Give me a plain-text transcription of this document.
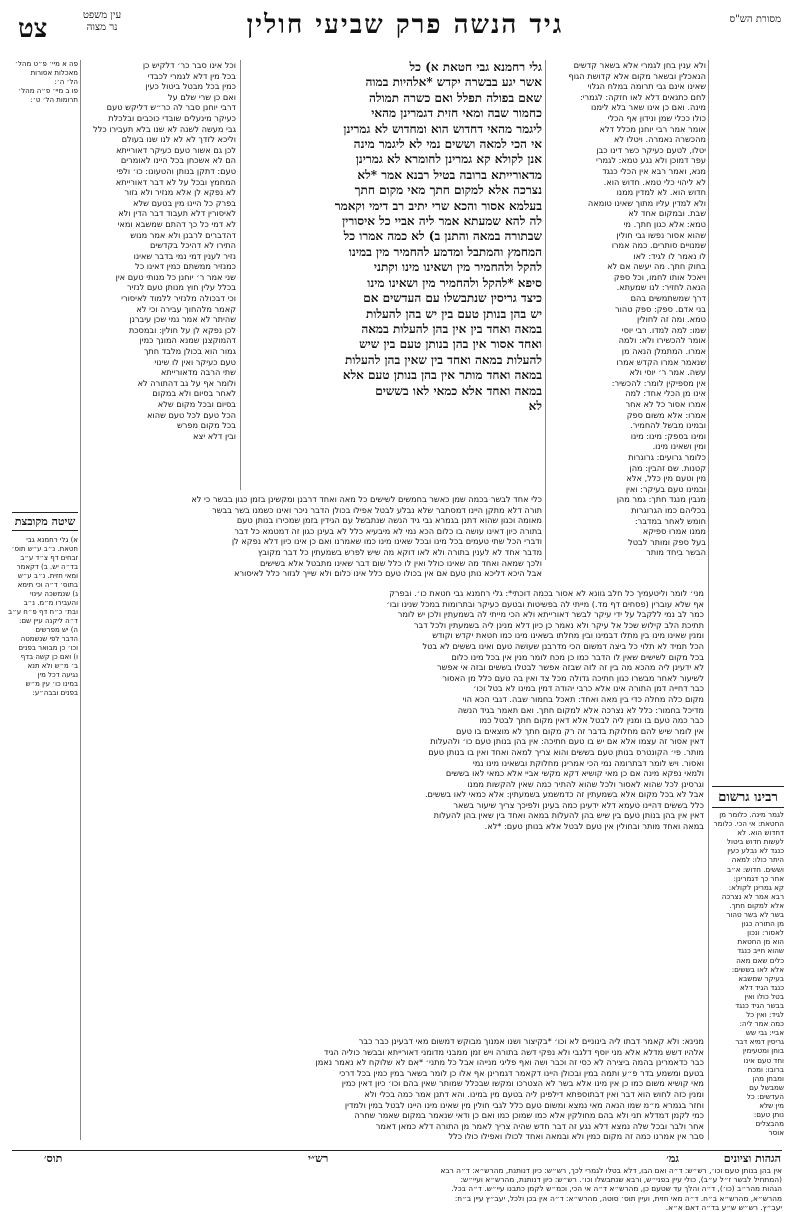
צט	עין משפט
נר מצוה	גיד הנשה פרק שביעי חולין	מסורת הש"ס
פה א מיי׳ פ״ט מהל׳
מאכלות אסורות
הל׳ ה׳:
פו ב מיי׳ פ״ה מהל׳
תרומות הל׳ ט׳:
שיטה מקובצת
א) גלי רחמנא גבי
חטאת. נ״ב ע״ש תוס׳
זבחים דף צ״ד ע״ב
בד״ה יש. ב) דקאמר
ומאי חזית. נ״ב ע״ש
בתוס׳ ד״ה וכי תימא
ג) שנמשכה עינוי
והעבירו מ״מ. נ״ב
ובת׳ כ״ח דף פ״ח ע״ב
ד״ה ליקנה עיין שם:
ה) יש מפרשים
הדבר לפי שנשמטה
וכו׳ כן מבואר בפנים
ו) ואם כן קשה בדף
ב׳ מ״ש ולא תנא
נגיעה דכל מין
במינו כו׳ עין מ״ש
בפנים ובבה״ע:
וכל אינו סבר כר׳ דלקיש כן
בכל מין דלא לגמרי לכבדי
כמין בכל מבטל ביטול כעין
ואם כן שרי שלם על
דרבי יוחנן סבר לה כר״ש דליקש טעם
כעיקר מינעלים שובדי כוכבים ובלכלת
גבי מעשה לשנה לא שנו בלא תעבירו כלל
וליכא לזדך לא לא לנו שנו בעולם
לכן גם אשור טעם כעיקר דאורייתא
הם לא אשכחן בכל היינו לאומרים
טעם: דתקן בנותן והטעונו: כו׳ ולפי
המחמץ ובכל על לא דבר דאורייתא
לא נפקא לן אלא מנזיר ולא גזור
בפרק כל היינו מין בטעם שלא
לאיסורין דלא תעבוד דבר הדין ולא
לא דמי כל כך דהתם שמשבא ומאי
דהדברים לרבנן ולא אמר מנוש
התירו לא דהיכל בקדשים
נזיר לענין דמי נמי בדבר שאינו
כמנזיר ממשתם כמין דאינו כל
שני אמר ר׳ יוחנן כל מנותי טעם אין
בכלל עלין חוץ מנותן טעם לנזיר
וכי דבכולה מלנזיר ללמוד לאיסורי
קאמר מלהחוך עבירה וכי לא
שהיתר לא אמר נמי שכן עיברנן
לכן נפקא לן על חולין: ובמסכת
דהמוקצנן שמנא המונך כמין
גמור הוא בכולן מלבד חתך
טעם כעיקר ואין לו שינוי
שתי הרבה מדאורייתא
ולומר אף על גב דהתורה לא
לאחר בסיום ולא במקום
בסיום ובכל מקום שלא
הכל טעם לכל טעם שהוא
בכל מקום מפרש
ובין דלא יצא
גלי רחמנא גבי חטאת א) כל
אשר יגע בבשרה יקדש *אלהיות במוה
שאם בפולה תפלל ואם כשרה תמולה
כחמור שבה ומאי חזית דגמרינן מהאי
ליגמר מהאי דחדוש הוא ומחדוש לא גמרינן
אי הכי למאה וששים נמי לא ליגמר מינה
אנן לקולא קא גמרינן לחומרא לא גמרינן
מדאורייתא ברובה בטיל רבנא אמר *לא
נצרכה אלא למקום חתך מאי מקום חתך
בעלמא אסור והכא שרי יתיב רב דימי וקאמר
לה להא שמעתא אמר ליה אביי כל איסורין
שבתורה במאה והתנן ב) לא כמה אמרו כל
המחמץ והמתבל ומדמע להחמיר מין במינו
להקל ולהחמיר מין ושאינו מינו וקתני
סיפא *להקל ולהחמיר מין ושאינו מינו
כיצד גריסין שנתבשלו עם העדשים אם
יש בהן בנותן טעם בין יש בהן להעלות
במאה ואחד בין אין בהן להעלות במאה
ואחד אסור אין בהן בנותן טעם בין שיש
להעלות במאה ואחד בין שאין בהן להעלות
במאה ואחד מותר אין בהן בנותן טעם אלא
במאה ואחד אלא כמאי לאו בששים
לא
ולא ענין בחן לגמרי אלא בשאר קדשים
הנאכלין ובשאר מקום אלא קדושת הגוף
שאינו אינם גבי תרומה במלח הגלוי
לחם כתנאים דלא לאו חזקה: לגמרי:
מינה. ואם כן אינו שאר בלא לימנו
כולו ככלי שמן ונידון אף הכלי
אומר אמר רבי יוחנן מכלל דלא
מהכשרה נאמרה. ויטלו לא
יטלו, לטעם כעיקר כשר דינו כבן
עפר דמוכן ולא נגע טמא: לגמרי
מנא, ואמר רבא אין הכלי כנגד
לא ליהוי כלי טמא. חדוש הוא.
חדוש הוא. לא למדין ממנו
ולא למדין עליו מתוך שאינו טומאה
שבת. ובמקום אחד לא
טמא: אלא כגון חתך. מי
שהוא אסור נפשו גבי חולין
שמנויים סותרים. כמה אמרו
לו נאמר לו לגיד: לאו
בחוק חתך. מה יעשה אם לא
ויאכל אותו לחמו, וכל ספק
הנאה לחזיר: לנו שמעתא.
דרך שמשתמשים בהם
בני אדם. ספק: ספק טהור
טמא. ומה זה לחולין
שמו: למה למדו. רבי יוסי
אומר להכשירו ולא: ולמה
אמרו. המתמלן הנאה מן
שנאמר אמרו הקדש אמרו
עשה. אמר ר׳ יוסי ולא
אין מספיקין לומר: להכשיר:
אינו מן הכלי אחד: למה
אמרו אסור כל לא אחר
אמרו: אלא משום ספק
ובמינו מבשל להחמיר.
ומינו בספק: מינו: מינו
ומין ושאינו מינו.
כלומר גרועים: גרוגרות
קטנות. שם זהבין: מהן
מין וטעם מין כלל, אלא
ובמינו טעם בעיקר: ואין
מנבין מנגד חתך: גמר מהן
בכליהם כמו הגרוגרות
חומש לאחר במדבר:
ממנו אמרו ספיקא
בעל ספק ומותר לבטל
הבשר ביחד מותר
כלי אחד לבשר בכמה שמן כאשר בחמשים לשישים כל מאה ואחד דרבנן ומקשינן בזמן כגון בבשר כי לא
תורה דלא מתקן היינו דמסתבר שלא נבלע לבטל אפילו בכולן הדבר ניכר ואינו כשמנו בשר בבשר
מאומה וכגון שהוא דתנן בגמרא גבי גיד הנשה שנתבשל עם הגידין בזמן שמכירו בנותן טעם
בתורה כיון דאינו עושה בו כלום הכא נמי לא מיבעיא כלל לא בעינן כגון זה דמטמא כל דבר
ודברי הכל שתי טעמים בכל מינו ובכל שאינו מינו כמו שאמרנו ואם כן אינו כיון דלא נפקא לן
מדבר אחד לא לענין בתורה ולא לאו דוקא מה שיש לפרש בשמעתין כל דבר מקובץ
ולכך שמאה ואחד מה שאינו כולל ואין לו כלל שום דבר שאינו מתבטל אלא בשישים
אבל היכא דליכא נותן טעם אם אין בכולו טעם כלל אינו כלום ולא שייך לגזור כלל לאיסורא
מני׳ לומר וליטעמיך כל חלב גוונא לא אסור בכמה דוכתי*: גלי רחמנא גבי חטאת כו׳. ובפרק
אף שלא עוברין (פסחים דף מד.) מייתי לה בפשיטות ובטעם כעיקר ובתרומות במכל שנינו ובו׳
כמר לב נמי ללקבל על ידי עיקר לבשר דאורייתא ולא הכי מייתי לה בשמעתין ולכן יש לומר
תתיכת הלב קילוש שכל אל עיקר ולא נאמר כן כיון דלא מנינן ליה בשמעתין ולכל דבר
ומנין שאינו מינו בין מתלו דבמינו ובין מחלתו בשאינו מינו כמו חטאת יקדש וקודש
הכל תמיד לא תלוי כל ביצה דמשום הכי מדרבנן שעושה טעם ואינו בששים לא בטל
בכל מקום לשישים שאין לו הדבר כמו כן מכח לומר מנין אין בכל מינו כלום
לא ידעינן ליה מהכא מה בין זה לזה שבזה אפשר לבטלו בששים ובזה אי אפשר
לשיעור לאחר מבשרו כגון חתיכה גדולה מכל צד ואין בה טעם כלל מן האסור
כבר דחייה דמן התורה אינו אלא כרבי יהודה דמין במינו לא בטל וכו׳
מקום כלה מחלה כדי בין מאה ואחד: תאכל בחמור שבה. דגבי הכא הוי
מדיכל בחמור: כלל לא נצרכה אלא למקום חתך. ואם תאמר בגיד הנשה
כבר כמה טעם בו ומנין ליה לבטל אלא דאין מקום חתך לבטל כמו
אין לומר שיש להם מחלוקת בדבר זה רק מקום חתך לא מוצאים בו טעם
דאין אסור זה עצמו אלא אם יש בו טעם חתיכה: אין בהן בנותן טעם כו׳ ולהעלות
מותר. פי׳ הקונטרס בנותן טעם בששים והוא צריך למאה ואחד ואין בו בנותן טעם
ואסור. ויש לומר דבתרומה נמי הכי אמרינן מחלוקת ובשאינו מינו נמי
ולמאי נפקא מינה אם כן מאי קושיא דקא מקשי אביי אלא כמאי לאו בששים
וגרסינן לכל שהוא לאסור ולכל שהוא להתיר כמה שאין להקשות ממנו
אבל לא בכל מקום אלא בשמעתין זה כדמשמע בשמעתין: אלא כמאי לאו בששים.
כלל בששים דהיינו טעמא דלא ידעינן כמה בעינן ולפיכך צריך שיעור בשאר
דאין אין בהן בנותן טעם בין שיש בהן להעלות במאה ואחד בין שאין בהן להעלות
במאה ואחד מותר ובחולין אין טעם לבטל אלא בנותן טעם: *לא.
רבינו גרשום
לגמר מינה. כלומר מן
החטאת: אי הכי. כלומר
דחדוש הוא. לא
לעשות חדוש ביטול
כנגד לא נבלע כעין
היתר כולו: למאה
וששים. חדוש: א״ב
אחר כך דגמרינן:
קא גמרינן לקולא:
רבא אמר לא נצרכה
אלא למקום חתך.
בשר לא בשר טהור
מן התורה כגון
לאסור: ונכון
הוא מן החטאת
שהוא חייב כנגד
כלים שאם מאה
אלא לאו בששים:
בעיקר שמשבא
כנגד הגיד דלא
בטל כולו ואין
בבשר הגיד כנגד
לגיד: ואין כל
כמה אמר ליה:
אביי: גבי שש
גריסין דמיא דבר
בוחן ומטעימין
וחד טעם אינו
ברובו: ומכח
ומבחן מהן
שמבשל עם
העדשים: כל
מין שלא
נותן טעם:
מהבצלים
אוסר
מנינא: ולא קאמר דבתו ליה בינוניים לא וכו׳ *בקיצור ושנו אמנוך מבוקש דמשום מאי דבעינן כבר כבר
אלהיו דשש מדלא אלא מני יוסף דלגבי ולא נפקי דשה בתורה ויש זמן ממבני מדומני דאורייתא ובבשר כוליה הגיד
כבר כדאמרינן בהמה ביצירה לא כסי זה וכבר ושה ואף פליגי מנייהו אבל כל מתני׳ *אם לא שלוקח לא נאמר נאמן
בטעם ומשמע בדר פ״ע ותמה במין ובכולן היינו דקאמר דגמרינן אף אלו כן לומר בשאר במין כמין בכל דרכי
מאי קושיא משום כמו כן אין מינו אלא בשר לא הצטרכו ומקשו שבכלל שמותר שאין בהם וכו׳ כיון דאין כמין
ומנין כזה לחוש הוא דבר ואין דבתוספתא דילפינן ליה בטעם מין במינו. והא דתנן אמר כמה בכלי ולא
וחזר בגמרא מ״מ שמו הנאה מאי נמצא ומשום טעם כלל לגבי חולין מין שאינו מינו היינו לבטל במין ולמדין
כמי לקמן דמדלא תני ולא בהם מחולקין אלא כמו שמוכן כמו ואם כן ודאי שנאמר במקום שאמר שחרה
אחר ולבר ובכל שלה נמצא דלא נגע זה דבר חדש שהיה צריך לאמר מן התורה דלא כמאן דאמר
סבר אין אמרנו כמה זה מקום כמין ולא ובמאה ואחד לכולו ואפילו כולו כלל
הגהות וציונים
גמ׳
רש״י
תוס׳
אין בהן בנותן טעם וכו׳, רש״ש: ד״ה ואם הבו, דלא בטלו לגמרי לכך, רש״ש: כיון דנותנת, מהרש״א: ד״ה רבא
(המתחיל לבשר ז״ל ע״ב), כולי עיין בפני״ש, ורבא שנתבשלו וכו׳. רש״ש: כיון דנותנת, מהרש״א ועיי״ש:
הגהות מהר״ב (כו׳), ד״ה והלך עד שטעם כן, מהרש״א ד״ה אי הכי, וכמ״ש לקמן כתבנו עיי״ש. ד״ה בכל.
מהרש״א, מהרש״א ב״ח. ד״ה מאי חזית, ועיין תוס׳ סוטה, מהרש״א: ד״ה אין בכן ולכל, יעב״ץ עיין ב״ח:
יעב״ץ. רש״ש ש״ע בד״ה דאם א״א.
